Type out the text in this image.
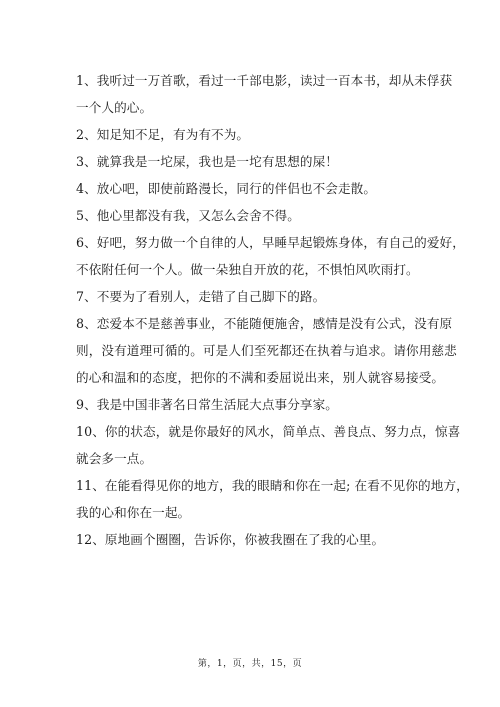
1、我听过一万首歌，看过一千部电影，读过一百本书，却从未俘获
一个人的心。
2、知足知不足，有为有不为。
3、就算我是一坨屎，我也是一坨有思想的屎！
4、放心吧，即使前路漫长，同行的伴侣也不会走散。
5、他心里都没有我，又怎么会舍不得。
6、好吧，努力做一个自律的人，早睡早起锻炼身体，有自己的爱好，
不依附任何一个人。做一朵独自开放的花，不惧怕风吹雨打。
7、不要为了看别人，走错了自己脚下的路。
8、恋爱本不是慈善事业，不能随便施舍，感情是没有公式，没有原
则，没有道理可循的。可是人们至死都还在执着与追求。请你用慈悲
的心和温和的态度，把你的不满和委屈说出来，别人就容易接受。
9、我是中国非著名日常生活屁大点事分享家。
10、你的状态，就是你最好的风水，简单点、善良点、努力点，惊喜
就会多一点。
11、在能看得见你的地方，我的眼睛和你在一起; 在看不见你的地方，
我的心和你在一起。
12、原地画个圈圈，告诉你，你被我圈在了我的心里。
第，1，页，共，15，页
